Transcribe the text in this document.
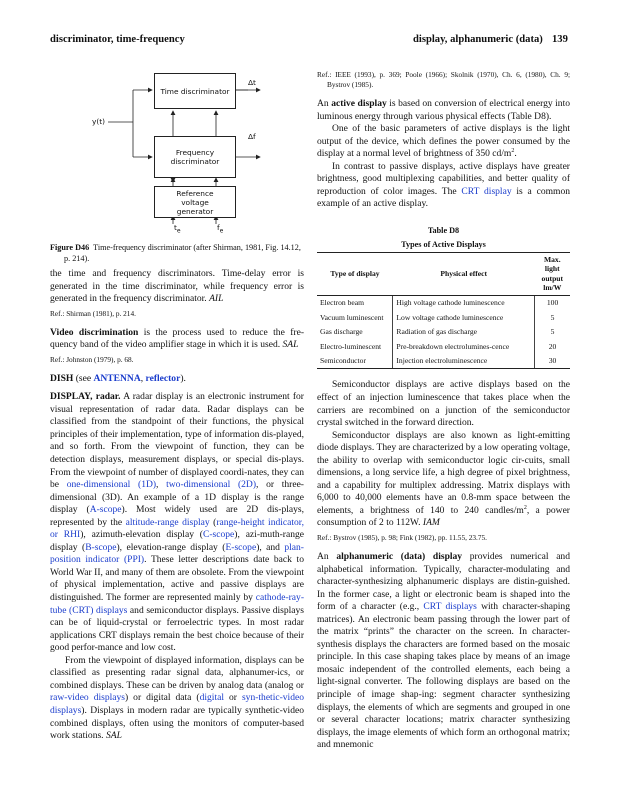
discriminator, time-frequency	display, alphanumeric (data) 139
y(t)
Time discriminator
Frequency discriminator
Reference voltage generator
Δt
Δf
$t_e$	$f_e$

Figure D46 Time-frequency discriminator (after Shirman, 1981, Fig. 14.12, p. 214).

the time and frequency discriminators. Time-delay error is generated in the time discriminator, while frequency error is generated in the frequency discriminator. AIL

Ref.: Shirman (1981), p. 214.

Video discrimination is the process used to reduce the fre-quency band of the video amplifier stage in which it is used. SAL

Ref.: Johnston (1979), p. 68.

DISH (see ANTENNA, reflector).

DISPLAY, radar. A radar display is an electronic instrument for visual representation of radar data. Radar displays can be classified from the standpoint of their functions, the physical principles of their implementation, type of information dis-played, and so forth. From the viewpoint of function, they can be detection displays, measurement displays, or special dis-plays. From the viewpoint of number of displayed coordi-nates, they can be one-dimensional (1D), two-dimensional (2D), or three-dimensional (3D). An example of a 1D display is the range display (A-scope). Most widely used are 2D dis-plays, represented by the altitude-range display (range-height indicator, or RHI), azimuth-elevation display (C-scope), azi-muth-range display (B-scope), elevation-range display (E-scope), and plan-position indicator (PPI). These letter descriptions date back to World War II, and many of them are obsolete. From the viewpoint of physical implementation, active and passive displays are distinguished. The former are represented mainly by cathode-ray-tube (CRT) displays and semiconductor displays. Passive displays can be of liquid-crystal or ferroelectric types. In most radar applications CRT displays remain the best choice because of their good perfor-mance and low cost.

From the viewpoint of displayed information, displays can be classified as presenting radar signal data, alphanumer-ics, or combined displays. These can be driven by analog data (analog or raw-video displays) or digital data (digital or syn-thetic-video displays). Displays in modern radar are typically synthetic-video combined displays, often using the monitors of computer-based work stations. SAL

Ref.: IEEE (1993), p. 369; Poole (1966); Skolnik (1970), Ch. 6, (1980), Ch. 9; Bystrov (1985).

An active display is based on conversion of electrical energy into luminous energy through various physical effects (Table D8).

One of the basic parameters of active displays is the light output of the device, which defines the power consumed by the display at a normal level of brightness of 350 $cd/m^2$.

In contrast to passive displays, active displays have greater brightness, good multiplexing capabilities, and better quality of reproduction of color images. The CRT display is a common example of an active display.

Table D8
Types of Active Displays
Type of display	Physical effect	Max. light output lm/W
Electron beam	High voltage cathode luminescence	100
Vacuum luminescent	Low voltage cathode luminescence	5
Gas discharge	Radiation of gas discharge	5
Electro-luminescent	Pre-breakdown electrolumines-cence	20
Semiconductor	Injection electroluminescence	30

Semiconductor displays are active displays based on the effect of an injection luminescence that takes place when the carriers are recombined on a junction of the semiconductor crystal switched in the forward direction.

Semiconductor displays are also known as light-emitting diode displays. They are characterized by a low operating voltage, the ability to overlap with semiconductor logic cir-cuits, small dimensions, a long service life, a high degree of pixel brightness, and a capability for multiplex addressing. Matrix displays with 6,000 to 40,000 elements have an 0.8-mm space between the elements, a brightness of 140 to 240 candles/$m^2$, a power consumption of 2 to 112W. IAM

Ref.: Bystrov (1985), p. 98; Fink (1982), pp. 11.55, 23.75.

An alphanumeric (data) display provides numerical and alphabetical information. Typically, character-modulating and character-synthesizing alphanumeric displays are distin-guished. In the former case, a light or electronic beam is shaped into the form of a character (e.g., CRT displays with character-shaping matrices). An electronic beam passing through the lower part of the matrix “prints” the character on the screen. In character-synthesis displays the characters are formed based on the mosaic principle. In this case shaping takes place by means of an image mosaic independent of the controlled elements, each being a light-signal converter. The following displays are based on the principle of image shap-ing: segment character synthesizing displays, the elements of which are segments and grouped in one or several character locations; matrix character synthesizing displays, the image elements of which form an orthogonal matrix; and mnemonic
